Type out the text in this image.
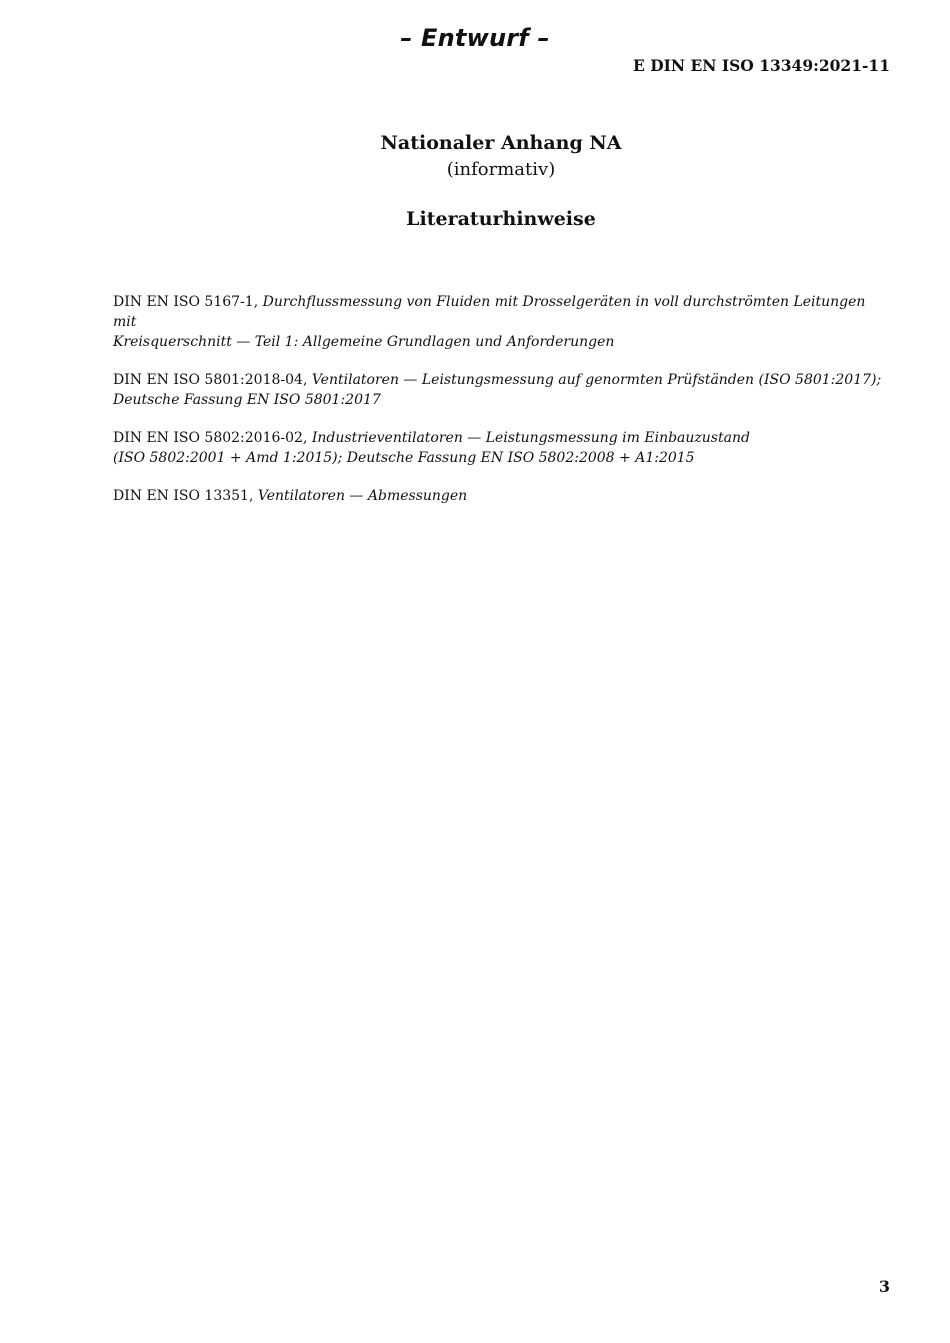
– Entwurf –
E DIN EN ISO 13349:2021-11
Nationaler Anhang NA
(informativ)
Literaturhinweise

DIN EN ISO 5167-1, Durchflussmessung von Fluiden mit Drosselgeräten in voll durchströmten Leitungen mit
Kreisquerschnitt — Teil 1: Allgemeine Grundlagen und Anforderungen

DIN EN ISO 5801:2018-04, Ventilatoren — Leistungsmessung auf genormten Prüfständen (ISO 5801:2017);
Deutsche Fassung EN ISO 5801:2017

DIN EN ISO 5802:2016-02, Industrieventilatoren — Leistungsmessung im Einbauzustand
(ISO 5802:2001 + Amd 1:2015); Deutsche Fassung EN ISO 5802:2008 + A1:2015

DIN EN ISO 13351, Ventilatoren — Abmessungen

3
